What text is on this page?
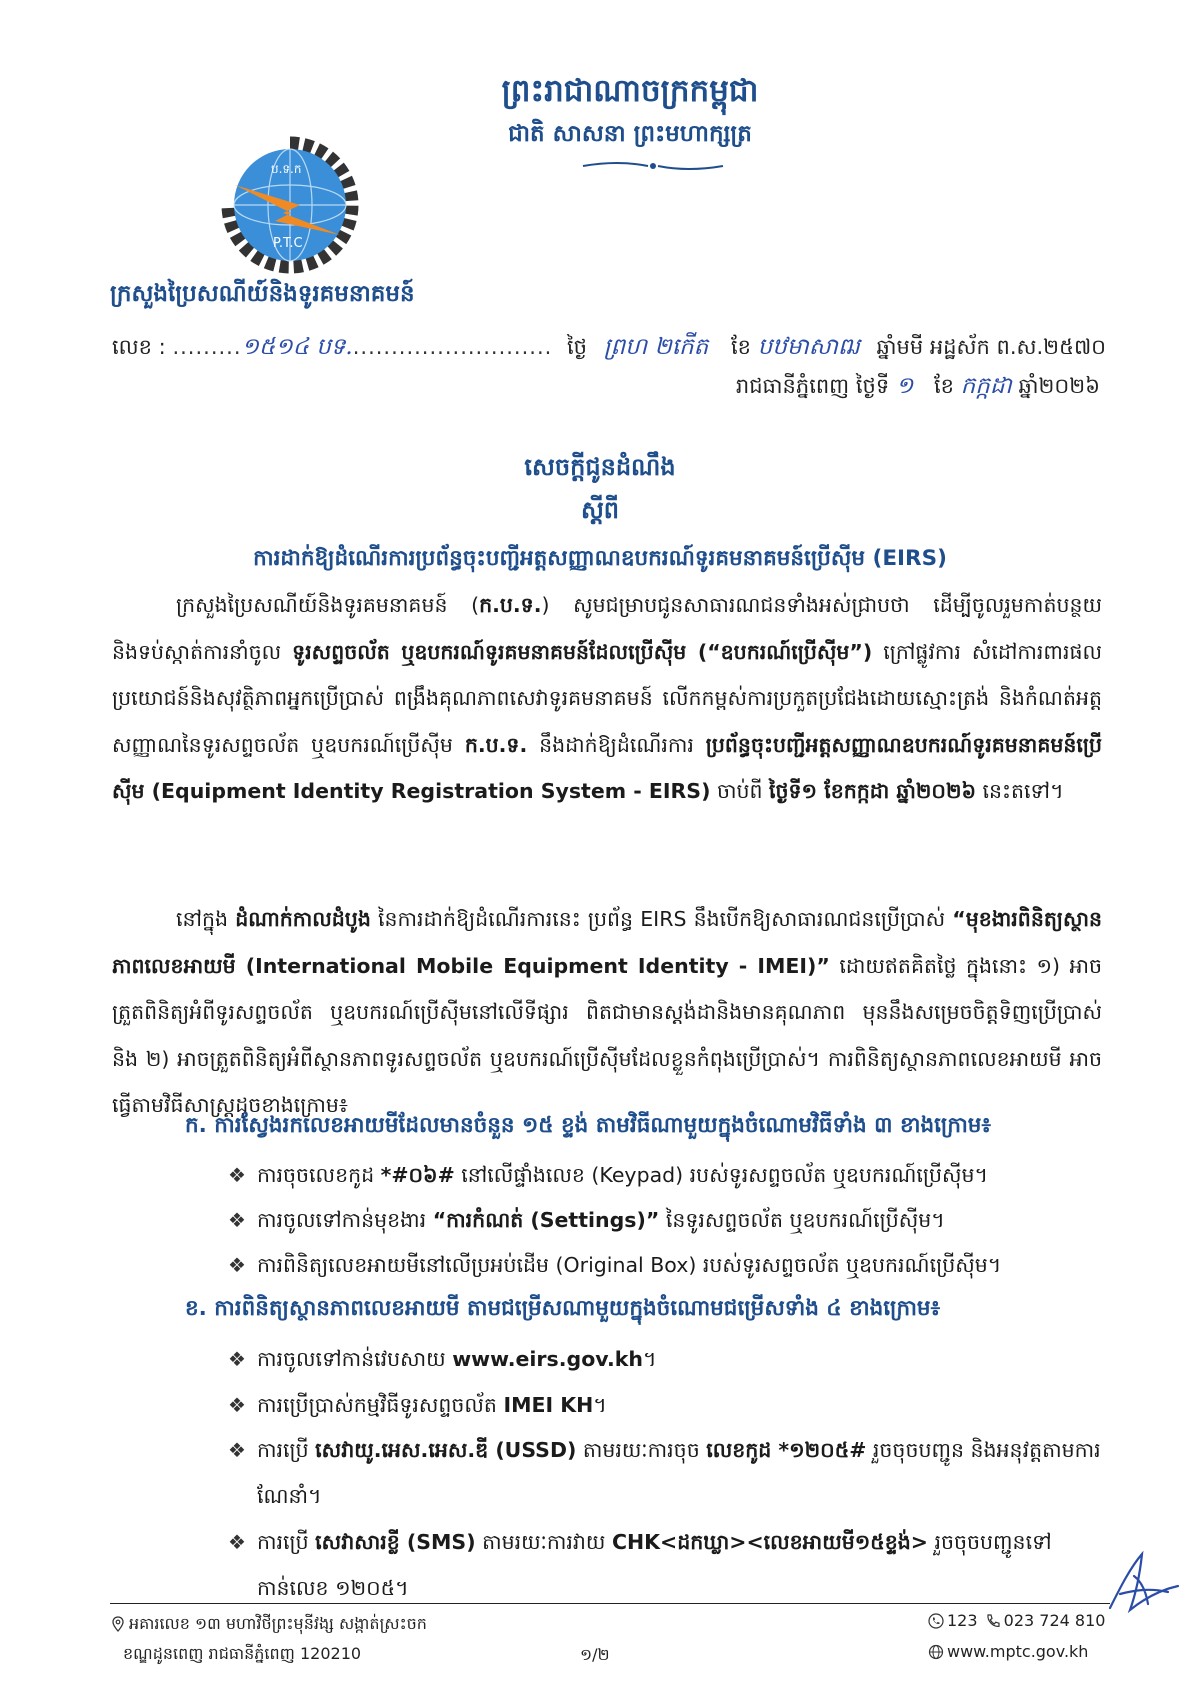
ព្រះរាជាណាចក្រកម្ពុជា
ជាតិ សាសនា ព្រះមហាក្សត្រ
ប.ទ.ក
P.T.C
ក្រសួងប្រៃសណីយ៍និងទូរគមនាគមន៍
លេខ : .........១៥១៤ បទ........................... ថ្ងៃ ព្រហ ២កើត ខែ បឋមាសាឍ ឆ្នាំមមី អដ្ឋស័ក ព.ស.២៥៧០
រាជធានីភ្នំពេញ ថ្ងៃទី ១ ខែ កក្កដា ឆ្នាំ២០២៦
សេចក្តីជូនដំណឹង
ស្តីពី
ការដាក់ឱ្យដំណើរការប្រព័ន្ធចុះបញ្ជីអត្តសញ្ញាណឧបករណ៍ទូរគមនាគមន៍ប្រើស៊ីម (EIRS)
ក្រសួងប្រៃសណីយ៍និងទូរគមនាគមន៍ (ក.ប.ទ.) សូមជម្រាបជូនសាធារណជនទាំងអស់ជ្រាបថា ដើម្បីចូលរួមកាត់បន្ថយនិងទប់ស្កាត់ការនាំចូល ទូរសព្ទចល័ត ឬឧបករណ៍ទូរគមនាគមន៍ដែលប្រើស៊ីម (“ឧបករណ៍ប្រើស៊ីម”) ក្រៅផ្លូវការ សំដៅការពារផលប្រយោជន៍និងសុវត្ថិភាពអ្នកប្រើប្រាស់ ពង្រឹងគុណភាពសេវាទូរគមនាគមន៍ លើកកម្ពស់ការប្រកួតប្រជែងដោយស្មោះត្រង់ និងកំណត់អត្តសញ្ញាណនៃទូរសព្ទចល័ត ឬឧបករណ៍ប្រើស៊ីម ក.ប.ទ. នឹងដាក់ឱ្យដំណើរការ ប្រព័ន្ធចុះបញ្ជីអត្តសញ្ញាណឧបករណ៍ទូរគមនាគមន៍ប្រើស៊ីម (Equipment Identity Registration System - EIRS) ចាប់ពី ថ្ងៃទី១ ខែកក្កដា ឆ្នាំ២០២៦ នេះតទៅ។
នៅក្នុង ដំណាក់កាលដំបូង នៃការដាក់ឱ្យដំណើរការនេះ ប្រព័ន្ធ EIRS នឹងបើកឱ្យសាធារណជនប្រើប្រាស់ “មុខងារពិនិត្យស្ថានភាពលេខអាយមី (International Mobile Equipment Identity - IMEI)” ដោយឥតគិតថ្លៃ ក្នុងនោះ ១) អាចត្រួតពិនិត្យអំពីទូរសព្ទចល័ត ឬឧបករណ៍ប្រើស៊ីមនៅលើទីផ្សារ ពិតជាមានស្តង់ដានិងមានគុណភាព មុននឹងសម្រេចចិត្តទិញប្រើប្រាស់ និង ២) អាចត្រួតពិនិត្យអំពីស្ថានភាពទូរសព្ទចល័ត ឬឧបករណ៍ប្រើស៊ីមដែលខ្លួនកំពុងប្រើប្រាស់។ ការពិនិត្យស្ថានភាពលេខអាយមី អាចធ្វើតាមវិធីសាស្ត្រដូចខាងក្រោម៖
ក. ការស្វែងរកលេខអាយមីដែលមានចំនួន ១៥ ខ្ទង់ តាមវិធីណាមួយក្នុងចំណោមវិធីទាំង ៣ ខាងក្រោម៖
❖ ការចុចលេខកូដ *#០៦# នៅលើផ្ទាំងលេខ (Keypad) របស់ទូរសព្ទចល័ត ឬឧបករណ៍ប្រើស៊ីម។
❖ ការចូលទៅកាន់មុខងារ “ការកំណត់ (Settings)” នៃទូរសព្ទចល័ត ឬឧបករណ៍ប្រើស៊ីម។
❖ ការពិនិត្យលេខអាយមីនៅលើប្រអប់ដើម (Original Box) របស់ទូរសព្ទចល័ត ឬឧបករណ៍ប្រើស៊ីម។
ខ. ការពិនិត្យស្ថានភាពលេខអាយមី តាមជម្រើសណាមួយក្នុងចំណោមជម្រើសទាំង ៤ ខាងក្រោម៖
❖ ការចូលទៅកាន់វេបសាយ www.eirs.gov.kh។
❖ ការប្រើប្រាស់កម្មវិធីទូរសព្ទចល័ត IMEI KH។
❖ ការប្រើ សេវាយូ.អេស.អេស.ឌី (USSD) តាមរយៈការចុច លេខកូដ *១២០៥# រួចចុចបញ្ជូន និងអនុវត្តតាមការណែនាំ។
❖ ការប្រើ សេវាសារខ្លី (SMS) តាមរយៈការវាយ CHK<ដកឃ្លា><លេខអាយមី១៥ខ្ទង់> រួចចុចបញ្ជូនទៅកាន់លេខ ១២០៥។
អគារលេខ ១៣ មហាវិថីព្រះមុនីវង្ស សង្កាត់ស្រះចក
ខណ្ឌដូនពេញ រាជធានីភ្នំពេញ 120210	១/២
123 023 724 810
www.mptc.gov.kh
